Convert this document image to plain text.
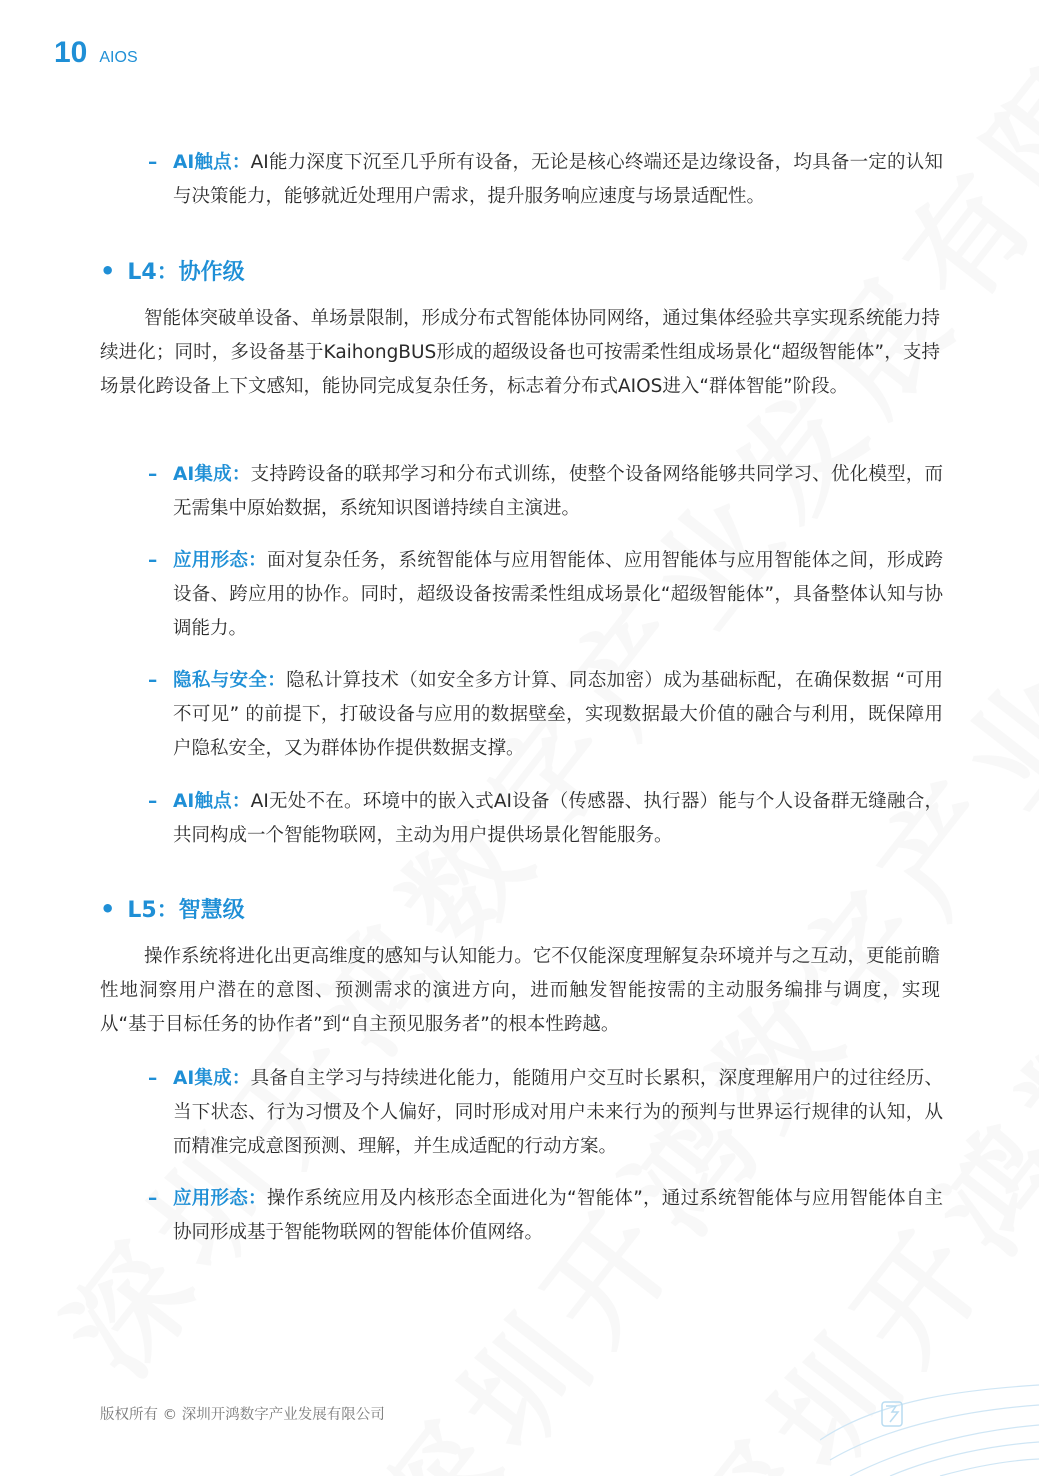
10 AIOS
– AI触点：AI能力深度下沉至几乎所有设备，无论是核心终端还是边缘设备，均具备一定的认知与决策能力，能够就近处理用户需求，提升服务响应速度与场景适配性。
• L4：协作级
智能体突破单设备、单场景限制，形成分布式智能体协同网络，通过集体经验共享实现系统能力持续进化；同时，多设备基于KaihongBUS形成的超级设备也可按需柔性组成场景化“超级智能体”，支持场景化跨设备上下文感知，能协同完成复杂任务，标志着分布式AIOS进入“群体智能”阶段。
– AI集成：支持跨设备的联邦学习和分布式训练，使整个设备网络能够共同学习、优化模型，而无需集中原始数据，系统知识图谱持续自主演进。
– 应用形态：面对复杂任务，系统智能体与应用智能体、应用智能体与应用智能体之间，形成跨设备、跨应用的协作。同时，超级设备按需柔性组成场景化“超级智能体”，具备整体认知与协调能力。
– 隐私与安全：隐私计算技术（如安全多方计算、同态加密）成为基础标配，在确保数据 “可用不可见” 的前提下，打破设备与应用的数据壁垒，实现数据最大价值的融合与利用，既保障用户隐私安全，又为群体协作提供数据支撑。
– AI触点：AI无处不在。环境中的嵌入式AI设备（传感器、执行器）能与个人设备群无缝融合，共同构成一个智能物联网，主动为用户提供场景化智能服务。
• L5：智慧级
操作系统将进化出更高维度的感知与认知能力。它不仅能深度理解复杂环境并与之互动，更能前瞻性地洞察用户潜在的意图、预测需求的演进方向，进而触发智能按需的主动服务编排与调度，实现从“基于目标任务的协作者”到“自主预见服务者”的根本性跨越。
– AI集成：具备自主学习与持续进化能力，能随用户交互时长累积，深度理解用户的过往经历、当下状态、行为习惯及个人偏好，同时形成对用户未来行为的预判与世界运行规律的认知，从而精准完成意图预测、理解，并生成适配的行动方案。
– 应用形态：操作系统应用及内核形态全面进化为“智能体”，通过系统智能体与应用智能体自主协同形成基于智能物联网的智能体价值网络。
版权所有 © 深圳开鸿数字产业发展有限公司
